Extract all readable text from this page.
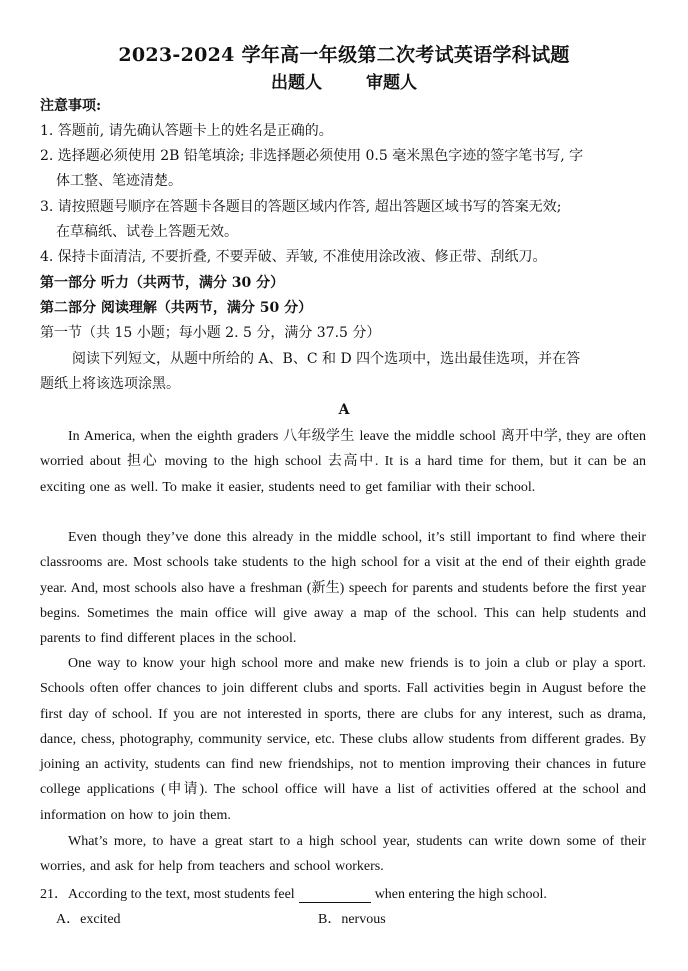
2023-2024 学年高一年级第二次考试英语学科试题
出题人	审题人
注意事项:
1. 答题前, 请先确认答题卡上的姓名是正确的。
2. 选择题必须使用 2B 铅笔填涂; 非选择题必须使用 0.5 毫米黑色字迹的签字笔书写, 字
体工整、笔迹清楚。
3. 请按照题号顺序在答题卡各题目的答题区域内作答, 超出答题区域书写的答案无效;
在草稿纸、试卷上答题无效。
4. 保持卡面清洁, 不要折叠, 不要弄破、弄皱, 不准使用涂改液、修正带、刮纸刀。
第一部分 听力（共两节，满分 30 分）
第二部分 阅读理解（共两节，满分 50 分）
第一节（共 15 小题；每小题 2. 5 分，满分 37.5 分）
阅读下列短文，从题中所给的 A、B、C 和 D 四个选项中，选出最佳选项，并在答
题纸上将该选项涂黑。
A
In America, when the eighth graders 八年级学生 leave the middle school 离开中学, they are often worried about 担心 moving to the high school 去高中. It is a hard time for them, but it can be an exciting one as well. To make it easier, students need to get familiar with their school.
Even though they’ve done this already in the middle school, it’s still important to find where their classrooms are. Most schools take students to the high school for a visit at the end of their eighth grade year. And, most schools also have a freshman (新生) speech for parents and students before the first year begins. Sometimes the main office will give away a map of the school. This can help students and parents to find different places in the school.
One way to know your high school more and make new friends is to join a club or play a sport. Schools often offer chances to join different clubs and sports. Fall activities begin in August before the first day of school. If you are not interested in sports, there are clubs for any interest, such as drama, dance, chess, photography, community service, etc. These clubs allow students from different grades. By joining an activity, students can find new friendships, not to mention improving their chances in future college applications (申请). The school office will have a list of activities offered at the school and information on how to join them.
What’s more, to have a great start to a high school year, students can write down some of their worries, and ask for help from teachers and school workers.
21．According to the text, most students feel	when entering the high school.
A．excited	B．nervous
